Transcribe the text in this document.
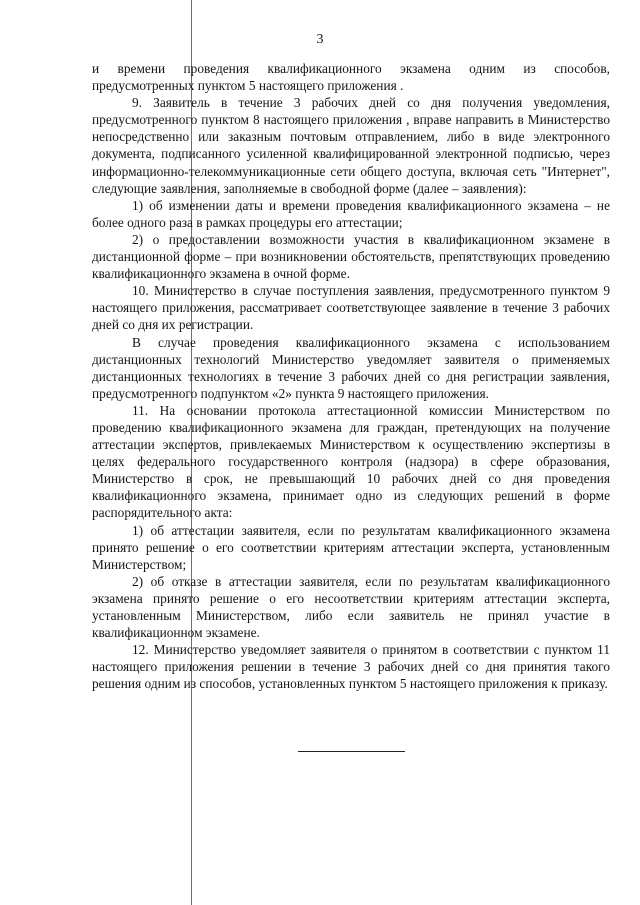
3

и времени проведения квалификационного экзамена одним из способов, предусмотренных пунктом 5 настоящего приложения .

9. Заявитель в течение 3 рабочих дней со дня получения уведомления, предусмотренного пунктом 8 настоящего приложения , вправе направить в Министерство непосредственно или заказным почтовым отправлением, либо в виде электронного документа, подписанного усиленной квалифицированной электронной подписью, через информационно-телекоммуникационные сети общего доступа, включая сеть "Интернет", следующие заявления, заполняемые в свободной форме (далее – заявления):

1) об изменении даты и времени проведения квалификационного экзамена – не более одного раза в рамках процедуры его аттестации;

2) о предоставлении возможности участия в квалификационном экзамене в дистанционной форме – при возникновении обстоятельств, препятствующих проведению квалификационного экзамена в очной форме.

10. Министерство в случае поступления заявления, предусмотренного пунктом 9 настоящего приложения, рассматривает соответствующее заявление в течение 3 рабочих дней со дня их регистрации.

В случае проведения квалификационного экзамена с использованием дистанционных технологий Министерство уведомляет заявителя о применяемых дистанционных технологиях в течение 3 рабочих дней со дня регистрации заявления, предусмотренного подпунктом «2» пункта 9 настоящего приложения.

11. На основании протокола аттестационной комиссии Министерством по проведению квалификационного экзамена для граждан, претендующих на получение аттестации экспертов, привлекаемых Министерством к осуществлению экспертизы в целях федерального государственного контроля (надзора) в сфере образования, Министерство в срок, не превышающий 10 рабочих дней со дня проведения квалификационного экзамена, принимает одно из следующих решений в форме распорядительного акта:

1) об аттестации заявителя, если по результатам квалификационного экзамена принято решение о его соответствии критериям аттестации эксперта, установленным Министерством;

2) об отказе в аттестации заявителя, если по результатам квалификационного экзамена принято решение о его несоответствии критериям аттестации эксперта, установленным Министерством, либо если заявитель не принял участие в квалификационном экзамене.

12. Министерство уведомляет заявителя о принятом в соответствии с пунктом 11 настоящего приложения решении в течение 3 рабочих дней со дня принятия такого решения одним из способов, установленных пунктом 5 настоящего приложения к приказу.
